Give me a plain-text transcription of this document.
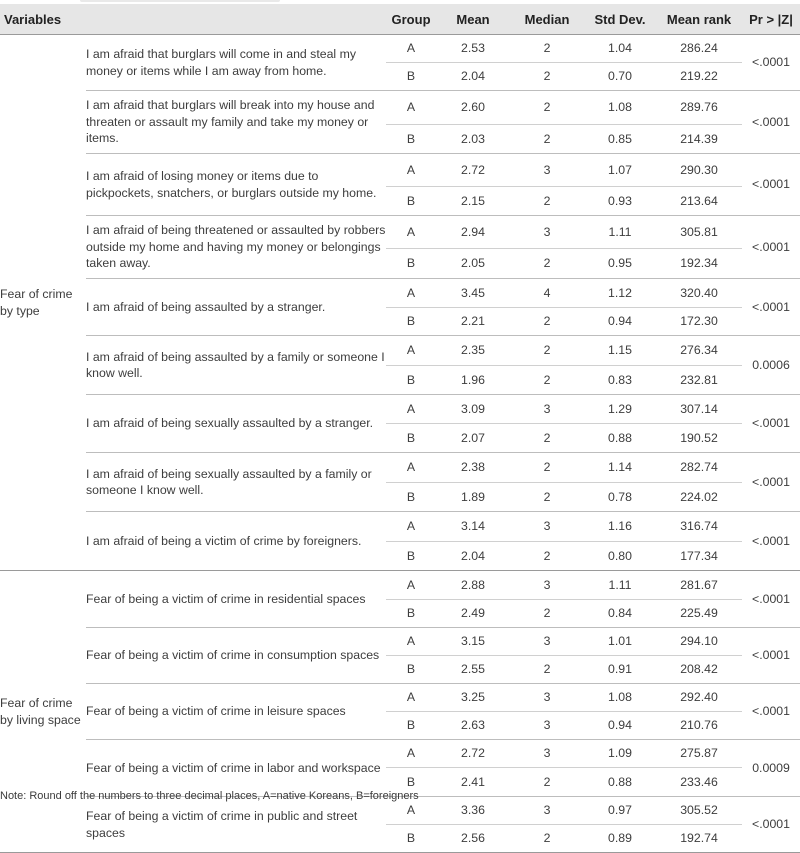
Variables		Group	Mean	Median	Std Dev.	Mean rank	Pr > |Z|
Fear of crime by type	I am afraid that burglars will come in and steal my money or items while I am away from home.	A	2.53	2	1.04	286.24	<.0001
		B	2.04	2	0.70	219.22	
	I am afraid that burglars will break into my house and threaten or assault my family and take my money or items.	A	2.60	2	1.08	289.76	<.0001
		B	2.03	2	0.85	214.39	
	I am afraid of losing money or items due to pickpockets, snatchers, or burglars outside my home.	A	2.72	3	1.07	290.30	<.0001
		B	2.15	2	0.93	213.64	
	I am afraid of being threatened or assaulted by robbers outside my home and having my money or belongings taken away.	A	2.94	3	1.11	305.81	<.0001
		B	2.05	2	0.95	192.34	
	I am afraid of being assaulted by a stranger.	A	3.45	4	1.12	320.40	<.0001
		B	2.21	2	0.94	172.30	
	I am afraid of being assaulted by a family or someone I know well.	A	2.35	2	1.15	276.34	0.0006
		B	1.96	2	0.83	232.81	
	I am afraid of being sexually assaulted by a stranger.	A	3.09	3	1.29	307.14	<.0001
		B	2.07	2	0.88	190.52	
	I am afraid of being sexually assaulted by a family or someone I know well.	A	2.38	2	1.14	282.74	<.0001
		B	1.89	2	0.78	224.02	
	I am afraid of being a victim of crime by foreigners.	A	3.14	3	1.16	316.74	<.0001
		B	2.04	2	0.80	177.34	
Fear of crime by living space	Fear of being a victim of crime in residential spaces	A	2.88	3	1.11	281.67	<.0001
		B	2.49	2	0.84	225.49	
	Fear of being a victim of crime in consumption spaces	A	3.15	3	1.01	294.10	<.0001
		B	2.55	2	0.91	208.42	
	Fear of being a victim of crime in leisure spaces	A	3.25	3	1.08	292.40	<.0001
		B	2.63	3	0.94	210.76	
	Fear of being a victim of crime in labor and workspace	A	2.72	3	1.09	275.87	0.0009
		B	2.41	2	0.88	233.46	
	Fear of being a victim of crime in public and street spaces	A	3.36	3	0.97	305.52	<.0001
		B	2.56	2	0.89	192.74	
Note: Round off the numbers to three decimal places, A=native Koreans, B=foreigners
